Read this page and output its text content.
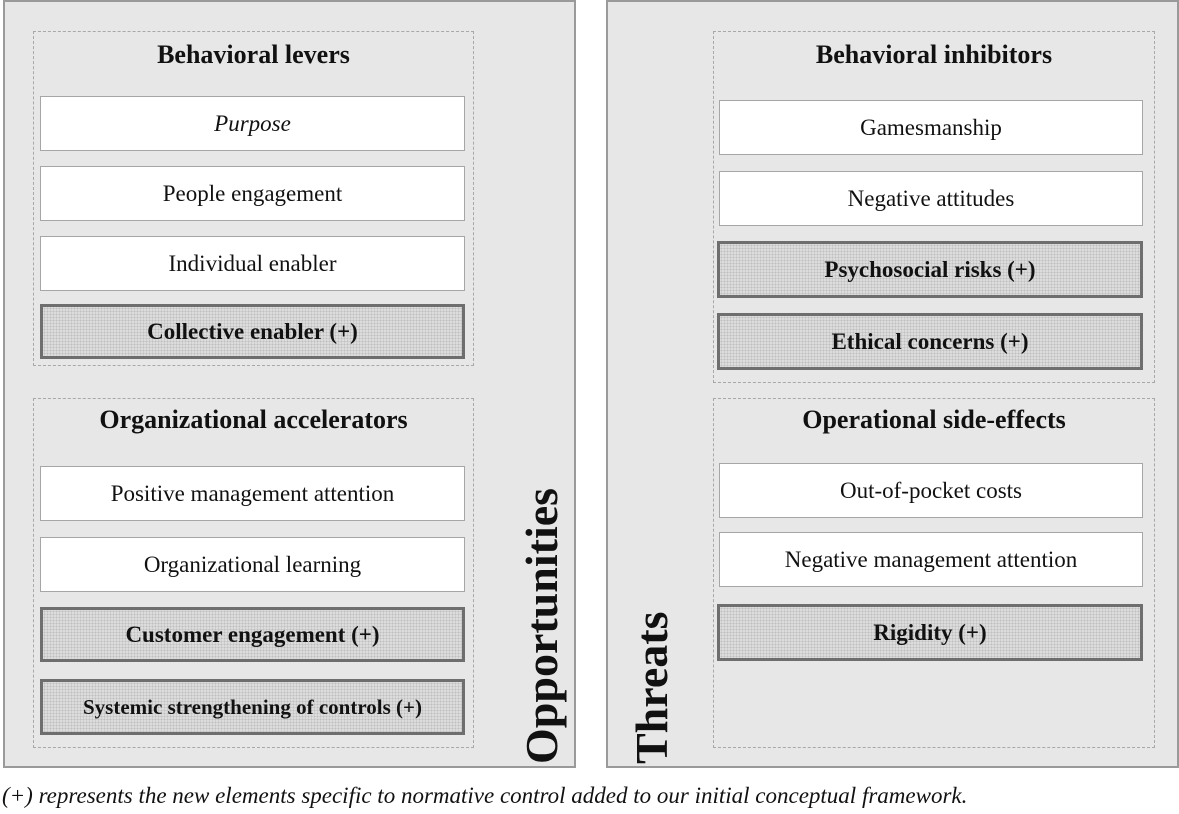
Behavioral levers
Purpose
People engagement
Individual enabler
Collective enabler (+)
Organizational accelerators
Positive management attention
Organizational learning
Customer engagement (+)
Systemic strengthening of controls (+)	Opportunities
Behavioral inhibitors
Gamesmanship
Negative attitudes
Psychosocial risks (+)
Ethical concerns (+)
Operational side-effects
Out-of-pocket costs
Negative management attention
Rigidity (+)
Threats
(+) represents the new elements specific to normative control added to our initial conceptual framework.
